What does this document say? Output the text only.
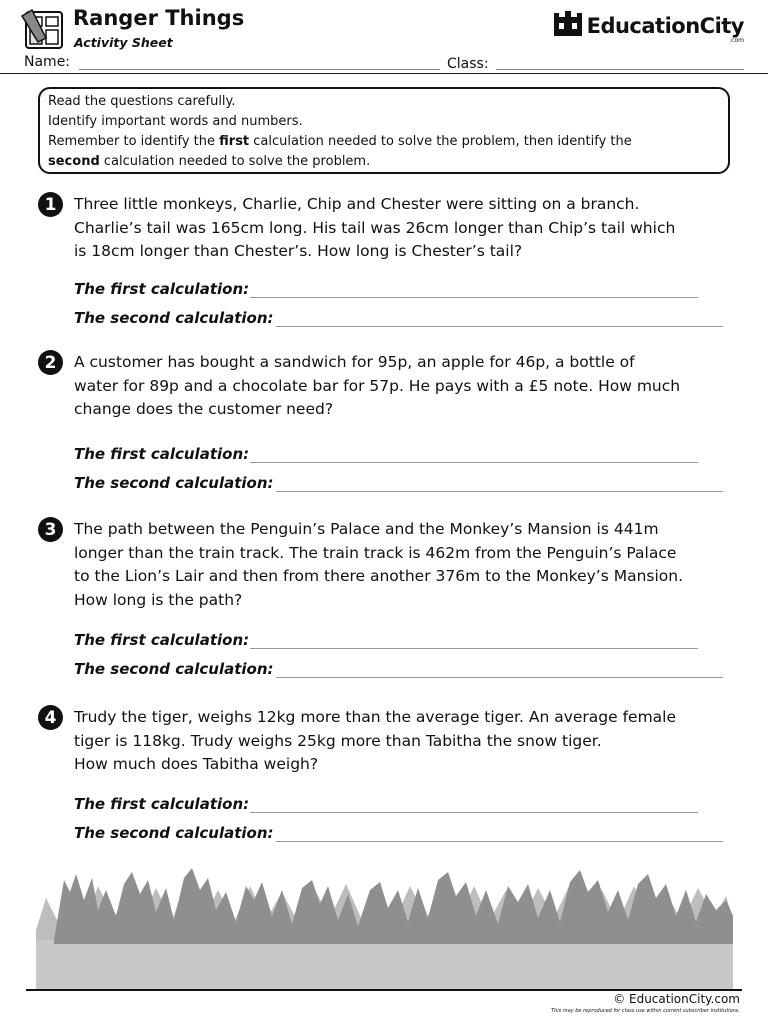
Ranger Things
Activity Sheet
EducationCity
.com
Name:	Class:
Read the questions carefully.
Identify important words and numbers.
Remember to identify the first calculation needed to solve the problem, then identify the
second calculation needed to solve the problem.
1	Three little monkeys, Charlie, Chip and Chester were sitting on a branch.
Charlie’s tail was 165cm long. His tail was 26cm longer than Chip’s tail which
is 18cm longer than Chester’s. How long is Chester’s tail?
The first calculation:
The second calculation:
2	A customer has bought a sandwich for 95p, an apple for 46p, a bottle of
water for 89p and a chocolate bar for 57p. He pays with a £5 note. How much
change does the customer need?
The first calculation:
The second calculation:
3	The path between the Penguin’s Palace and the Monkey’s Mansion is 441m
longer than the train track. The train track is 462m from the Penguin’s Palace
to the Lion’s Lair and then from there another 376m to the Monkey’s Mansion.
How long is the path?
The first calculation:
The second calculation:
4	Trudy the tiger, weighs 12kg more than the average tiger. An average female
tiger is 118kg. Trudy weighs 25kg more than Tabitha the snow tiger.
How much does Tabitha weigh?
The first calculation:
The second calculation:
© EducationCity.com
This may be reproduced for class use within current subscriber institutions.
